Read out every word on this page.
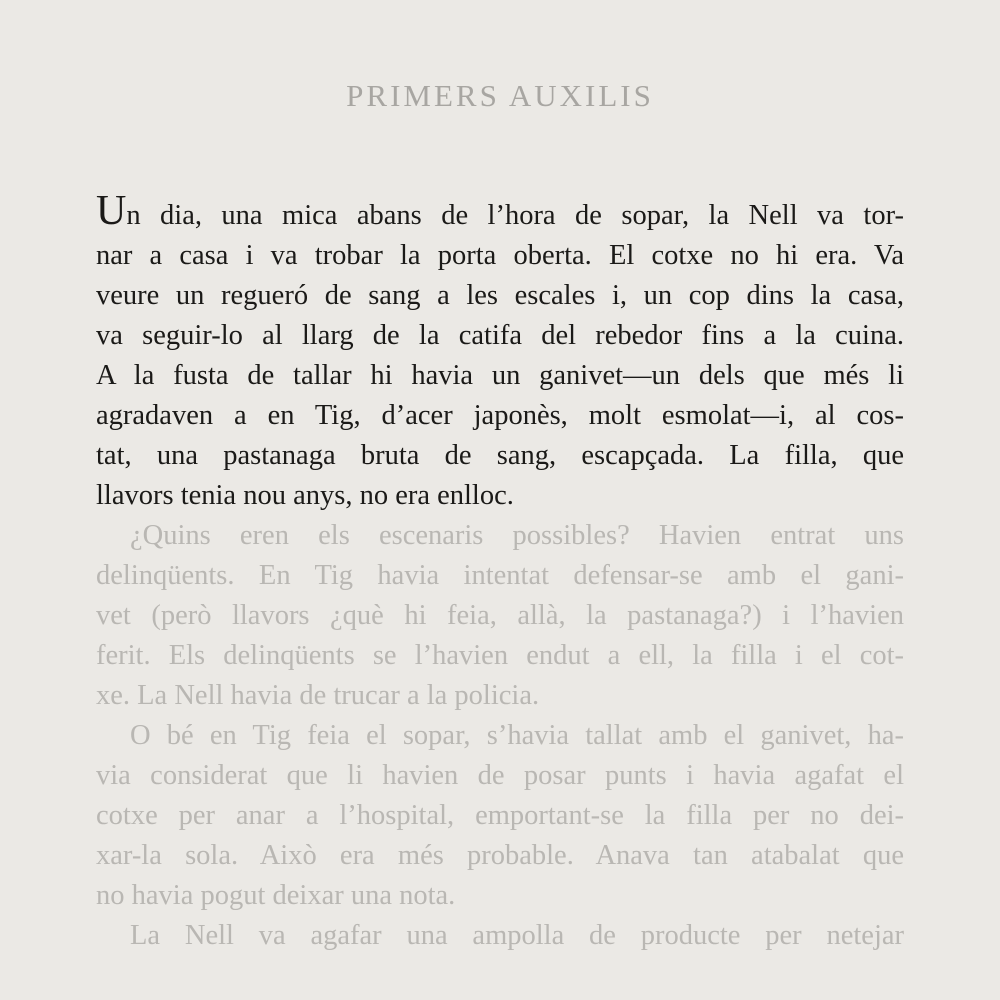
PRIMERS AUXILIS
Un dia, una mica abans de l’hora de sopar, la Nell va tor-
nar a casa i va trobar la porta oberta. El cotxe no hi era. Va
veure un regueró de sang a les escales i, un cop dins la casa,
va seguir-lo al llarg de la catifa del rebedor fins a la cuina.
A la fusta de tallar hi havia un ganivet—un dels que més li
agradaven a en Tig, d’acer japonès, molt esmolat—i, al cos-
tat, una pastanaga bruta de sang, escapçada. La filla, que
llavors tenia nou anys, no era enlloc.
¿Quins eren els escenaris possibles? Havien entrat uns
delinqüents. En Tig havia intentat defensar-se amb el gani-
vet (però llavors ¿què hi feia, allà, la pastanaga?) i l’havien
ferit. Els delinqüents se l’havien endut a ell, la filla i el cot-
xe. La Nell havia de trucar a la policia.
O bé en Tig feia el sopar, s’havia tallat amb el ganivet, ha-
via considerat que li havien de posar punts i havia agafat el
cotxe per anar a l’hospital, emportant-se la filla per no dei-
xar-la sola. Això era més probable. Anava tan atabalat que
no havia pogut deixar una nota.
La Nell va agafar una ampolla de producte per netejar
